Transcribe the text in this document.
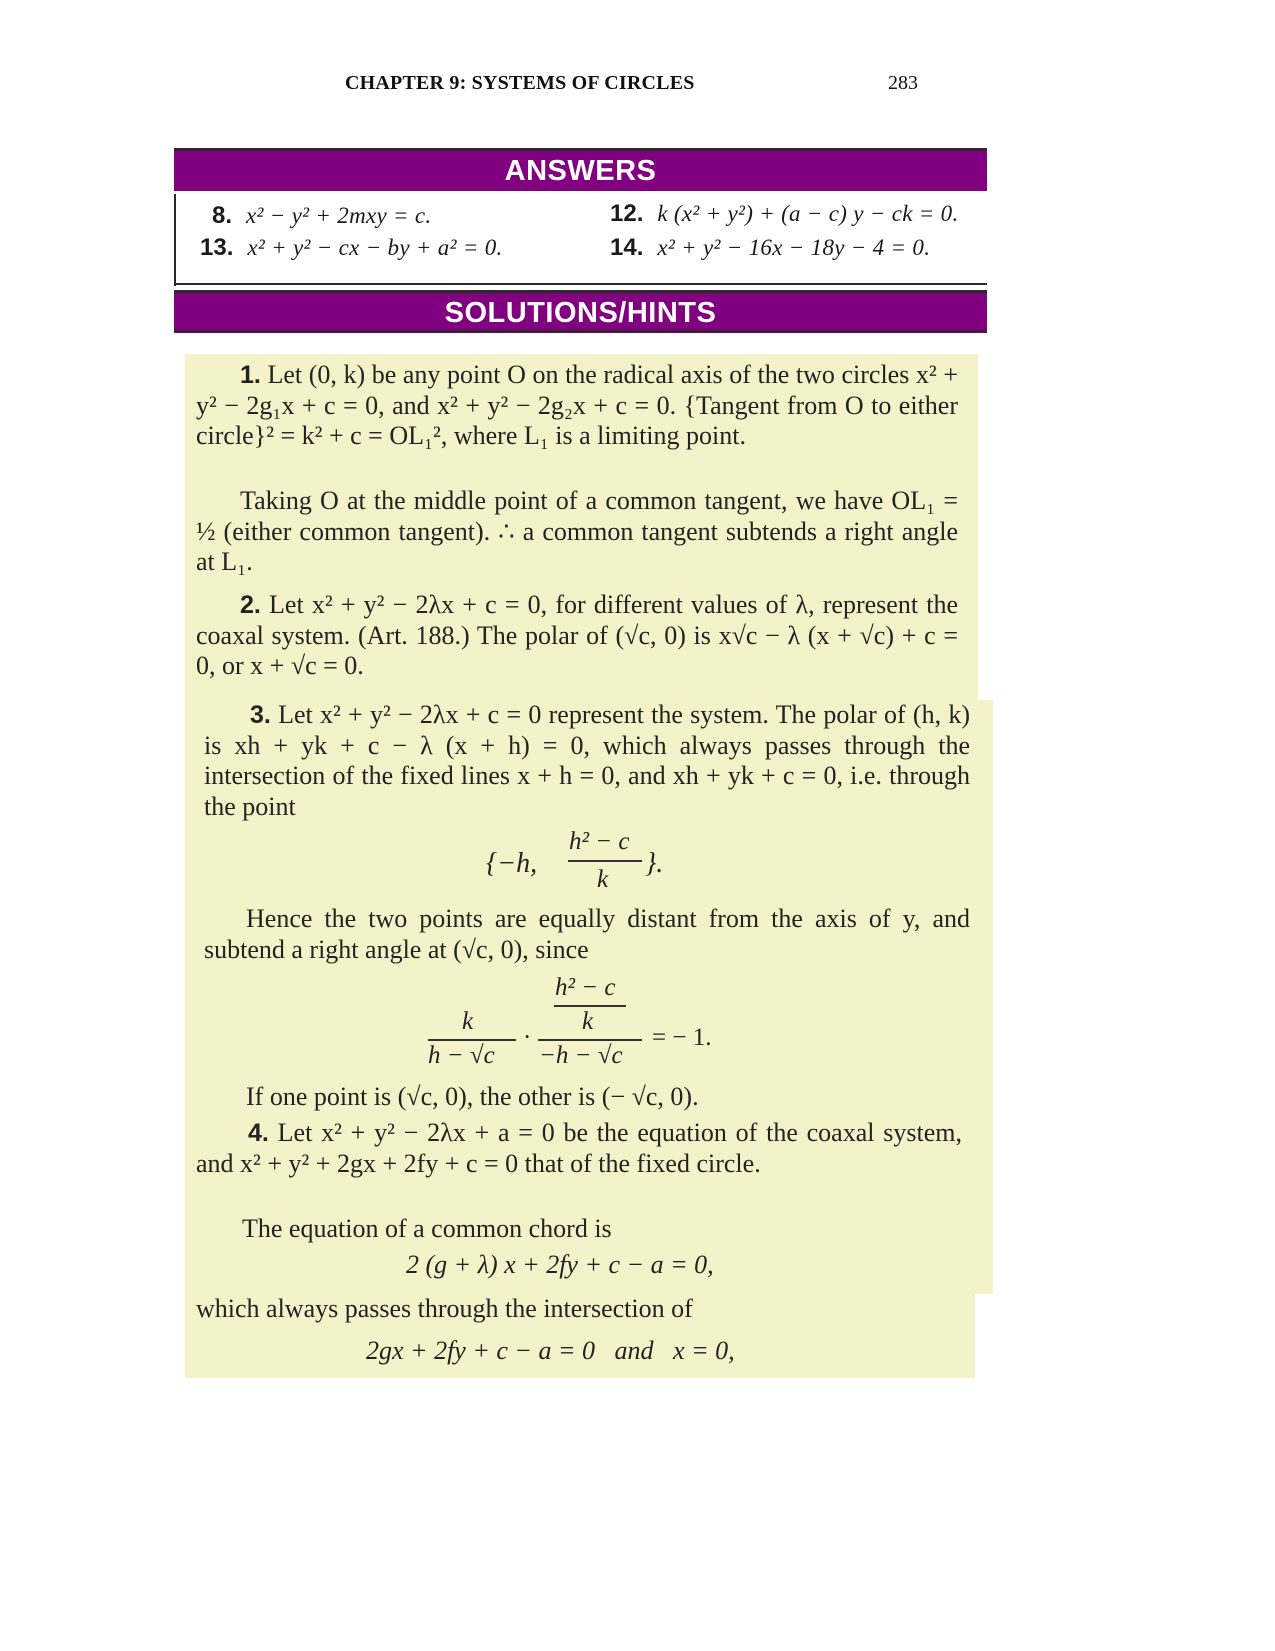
CHAPTER 9: SYSTEMS OF CIRCLES	283
ANSWERS
8. x² − y² + 2mxy = c.	12. k (x² + y²) + (a − c) y − ck = 0.
13. x² + y² − cx − by + a² = 0.	14. x² + y² − 16x − 18y − 4 = 0.
SOLUTIONS/HINTS
1. Let (0, k) be any point O on the radical axis of the two circles x² + y² − 2g₁x + c = 0, and x² + y² − 2g₂x + c = 0. {Tangent from O to either circle}² = k² + c = OL₁², where L₁ is a limiting point.
Taking O at the middle point of a common tangent, we have OL₁ = ½ (either common tangent). ∴ a common tangent subtends a right angle at L₁.
2. Let x² + y² − 2λx + c = 0, for different values of λ, represent the coaxal system. (Art. 188.) The polar of (√c, 0) is x√c − λ (x + √c) + c = 0, or x + √c = 0.
3. Let x² + y² − 2λx + c = 0 represent the system. The polar of (h, k) is xh + yk + c − λ (x + h) = 0, which always passes through the intersection of the fixed lines x + h = 0, and xh + yk + c = 0, i.e. through the point
{−h,
h² − c
k
}.
Hence the two points are equally distant from the axis of y, and subtend a right angle at (√c, 0), since
k
h − √c
·
h² − c
k
−h − √c
= − 1.
If one point is (√c, 0), the other is (− √c, 0).
4. Let x² + y² − 2λx + a = 0 be the equation of the coaxal system, and x² + y² + 2gx + 2fy + c = 0 that of the fixed circle.
The equation of a common chord is
2 (g + λ) x + 2fy + c − a = 0,
which always passes through the intersection of
2gx + 2fy + c − a = 0   and   x = 0,
